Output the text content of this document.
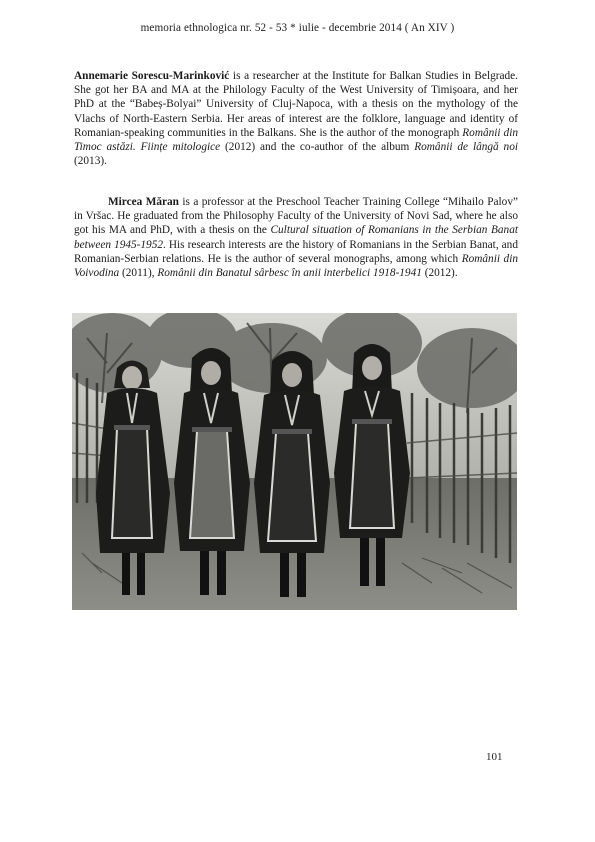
memoria ethnologica nr. 52 - 53 * iulie - decembrie 2014 ( An XIV )

Annemarie Sorescu-Marinković is a researcher at the Institute for Balkan Studies in Belgrade. She got her BA and MA at the Philology Faculty of the West University of Timișoara, and her PhD at the “Babeș-Bolyai” University of Cluj-Napoca, with a thesis on the mythology of the Vlachs of North-Eastern Serbia. Her areas of interest are the folklore, language and identity of Romanian-speaking communities in the Balkans. She is the author of the monograph Românii din Timoc astăzi. Ființe mitologice (2012) and the co-author of the album Românii de lângă noi (2013).

Mircea Măran is a professor at the Preschool Teacher Training College “Mihailo Palov” in Vršac. He graduated from the Philosophy Faculty of the University of Novi Sad, where he also got his MA and PhD, with a thesis on the Cultural situation of Romanians in the Serbian Banat between 1945-1952. His research interests are the history of Romanians in the Serbian Banat, and Romanian-Serbian relations. He is the author of several monographs, among which Românii din Voivodina (2011), Românii din Banatul sârbesc în anii interbelici 1918-1941 (2012).

101
